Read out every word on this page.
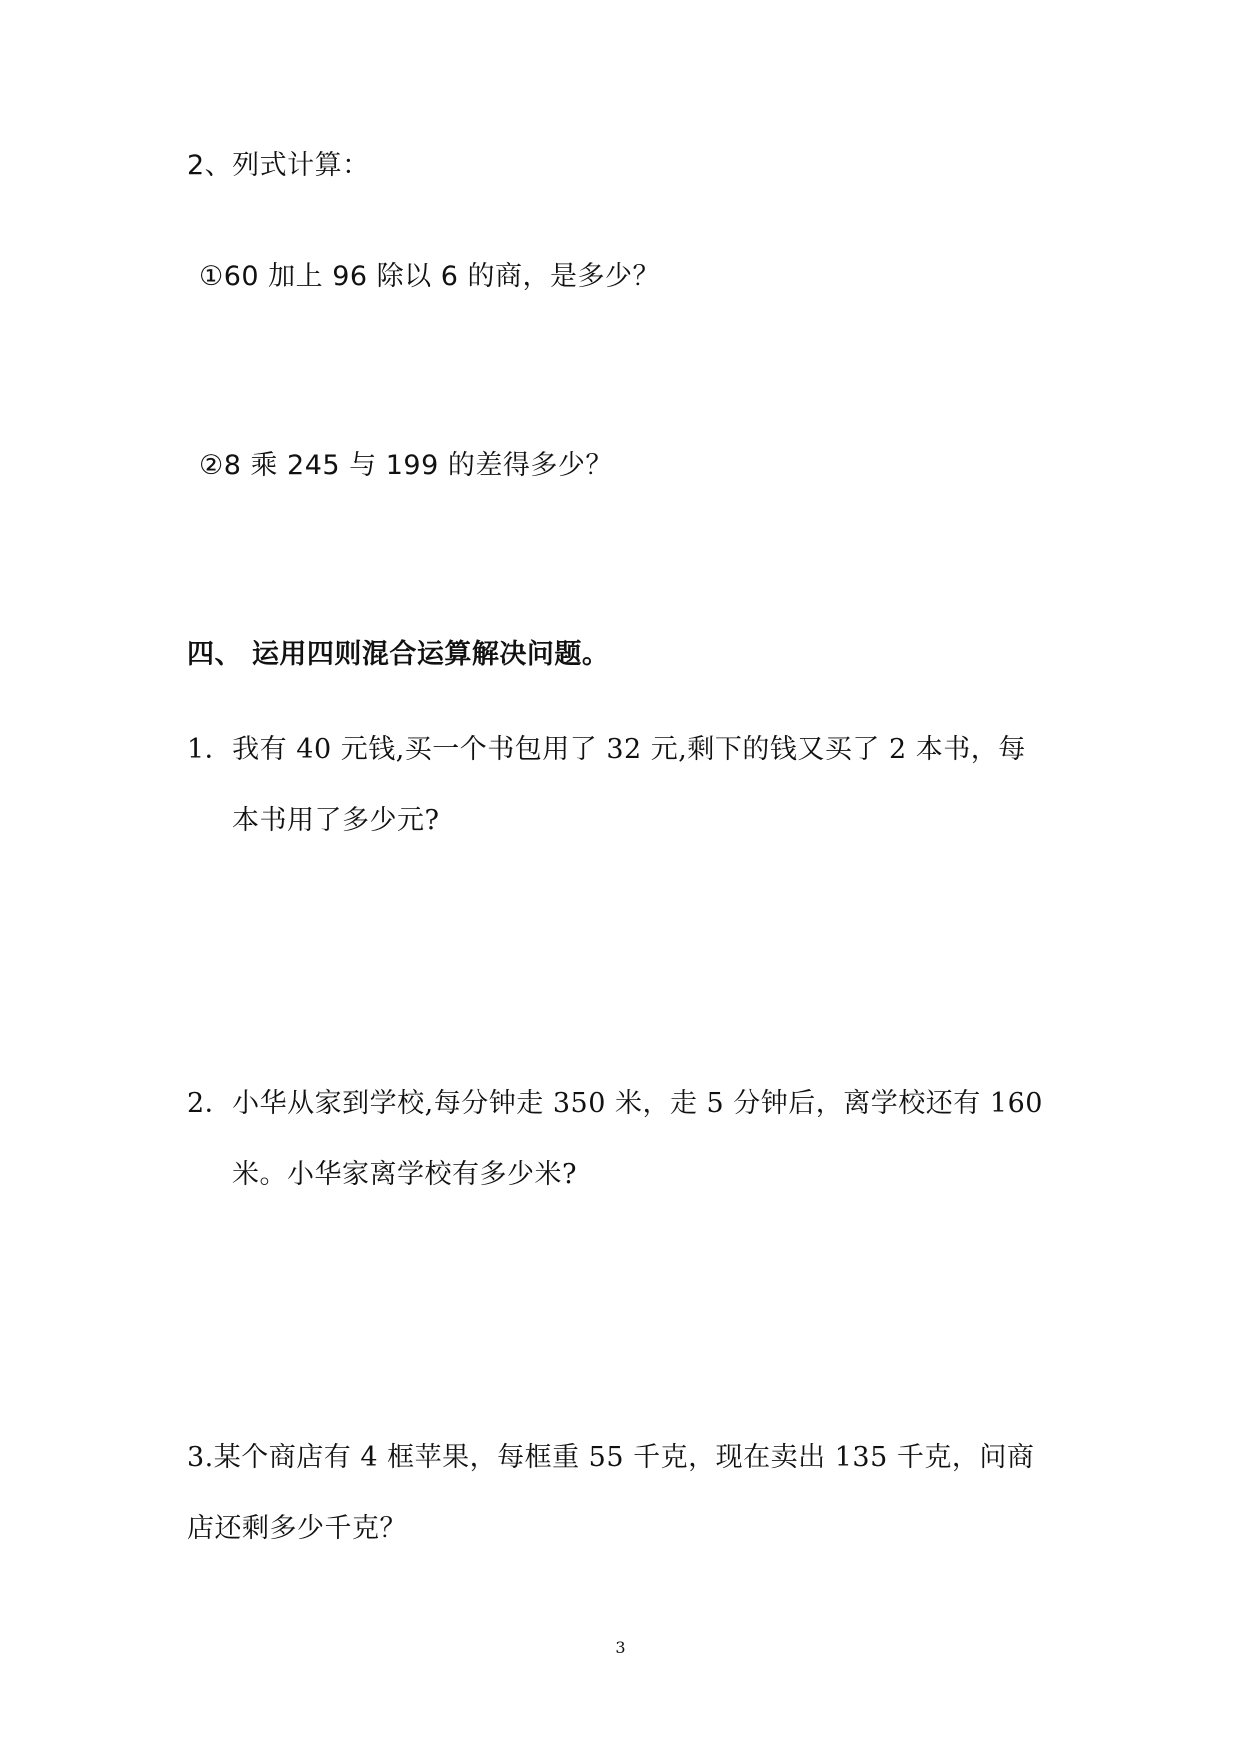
2、列式计算：
①60 加上 96 除以 6 的商，是多少？
②8 乘 245 与 199 的差得多少？
四、 运用四则混合运算解决问题。
1．我有 40 元钱,买一个书包用了 32 元,剩下的钱又买了 2 本书，每
本书用了多少元?
2．小华从家到学校,每分钟走 350 米，走 5 分钟后，离学校还有 160
米。小华家离学校有多少米?
3.某个商店有 4 框苹果，每框重 55 千克，现在卖出 135 千克，问商
店还剩多少千克？
3
